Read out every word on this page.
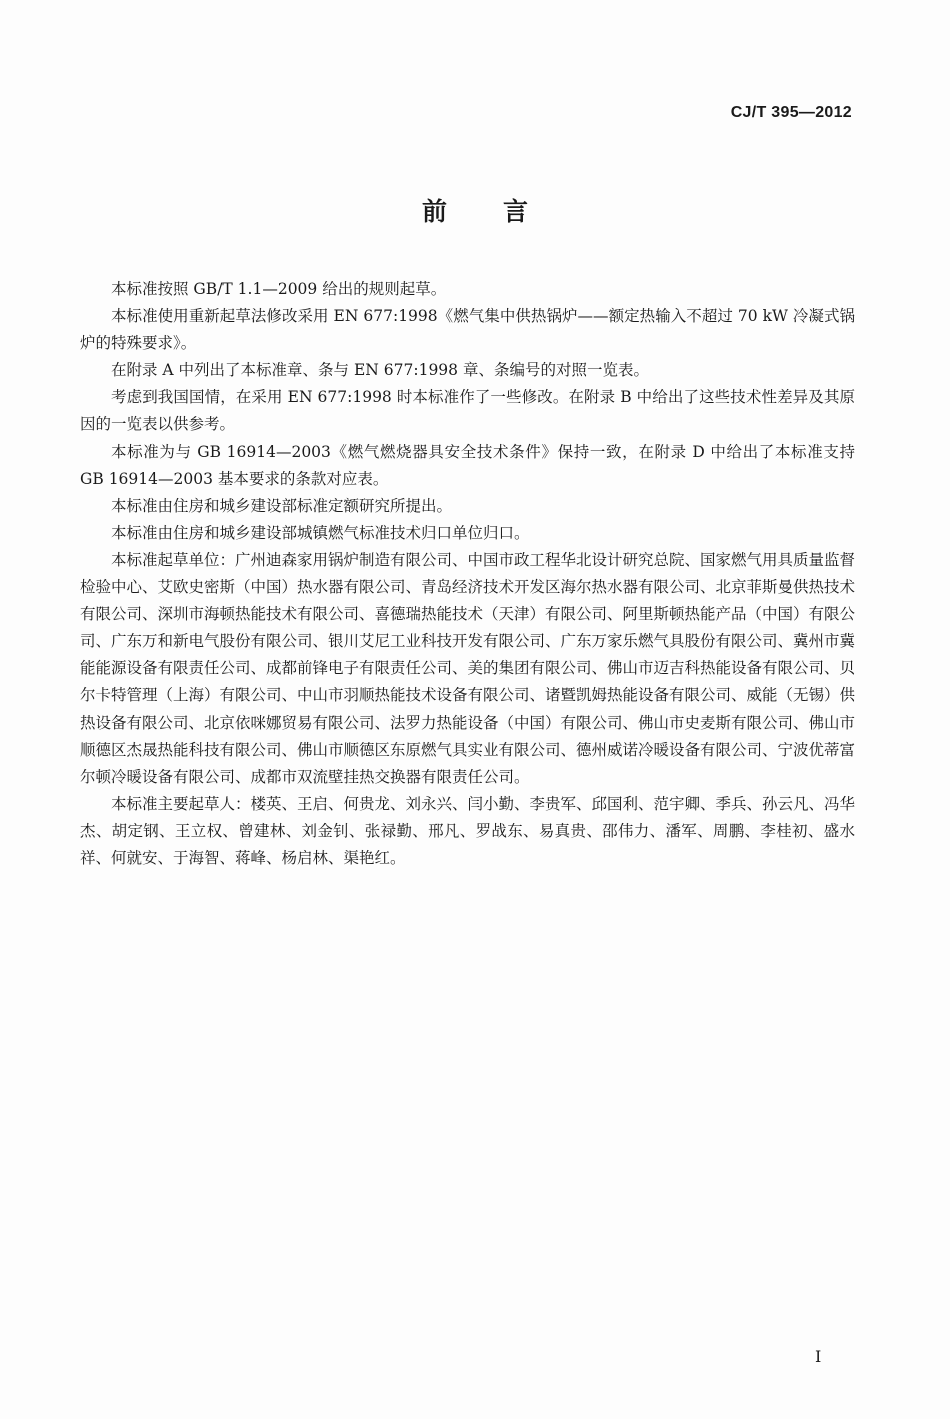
CJ/T 395—2012
前言

本标准按照 GB/T 1.1—2009 给出的规则起草。

本标准使用重新起草法修改采用 EN 677:1998《燃气集中供热锅炉——额定热输入不超过 70 kW 冷凝式锅炉的特殊要求》。

在附录 A 中列出了本标准章、条与 EN 677:1998 章、条编号的对照一览表。

考虑到我国国情，在采用 EN 677:1998 时本标准作了一些修改。在附录 B 中给出了这些技术性差异及其原因的一览表以供参考。

本标准为与 GB 16914—2003《燃气燃烧器具安全技术条件》保持一致，在附录 D 中给出了本标准支持 GB 16914—2003 基本要求的条款对应表。

本标准由住房和城乡建设部标准定额研究所提出。

本标准由住房和城乡建设部城镇燃气标准技术归口单位归口。

本标准起草单位：广州迪森家用锅炉制造有限公司、中国市政工程华北设计研究总院、国家燃气用具质量监督检验中心、艾欧史密斯（中国）热水器有限公司、青岛经济技术开发区海尔热水器有限公司、北京菲斯曼供热技术有限公司、深圳市海顿热能技术有限公司、喜德瑞热能技术（天津）有限公司、阿里斯顿热能产品（中国）有限公司、广东万和新电气股份有限公司、银川艾尼工业科技开发有限公司、广东万家乐燃气具股份有限公司、冀州市冀能能源设备有限责任公司、成都前锋电子有限责任公司、美的集团有限公司、佛山市迈吉科热能设备有限公司、贝尔卡特管理（上海）有限公司、中山市羽顺热能技术设备有限公司、诸暨凯姆热能设备有限公司、威能（无锡）供热设备有限公司、北京依咪娜贸易有限公司、法罗力热能设备（中国）有限公司、佛山市史麦斯有限公司、佛山市顺德区杰晟热能科技有限公司、佛山市顺德区东原燃气具实业有限公司、德州威诺冷暖设备有限公司、宁波优蒂富尔顿冷暖设备有限公司、成都市双流壁挂热交换器有限责任公司。

本标准主要起草人：楼英、王启、何贵龙、刘永兴、闫小勤、李贵军、邱国利、范宇卿、季兵、孙云凡、冯华杰、胡定钢、王立权、曾建林、刘金钊、张禄勤、邢凡、罗战东、易真贵、邵伟力、潘军、周鹏、李桂初、盛水祥、何就安、于海智、蒋峰、杨启林、渠艳红。

I
